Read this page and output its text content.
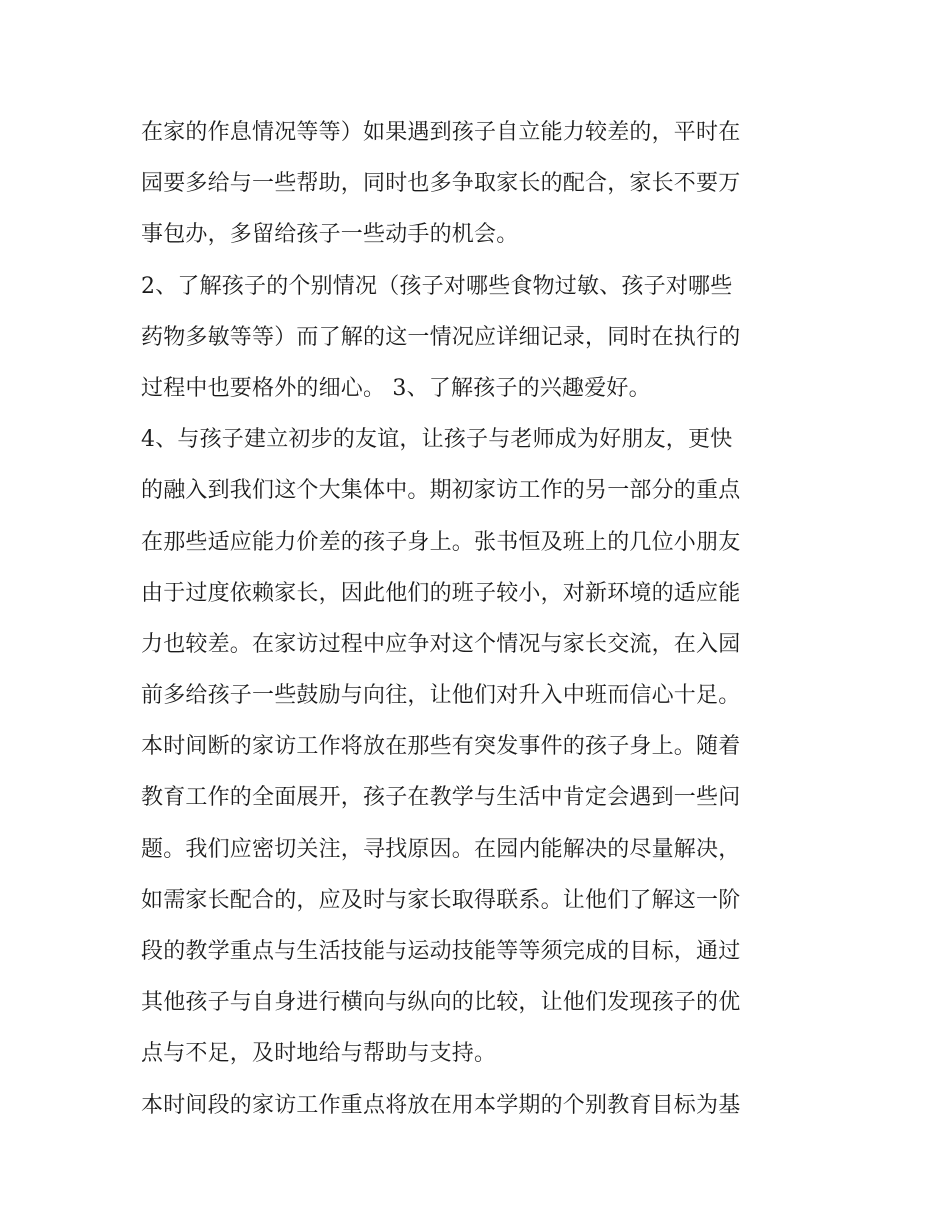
在家的作息情况等等）如果遇到孩子自立能力较差的，平时在
园要多给与一些帮助，同时也多争取家长的配合，家长不要万
事包办，多留给孩子一些动手的机会。
2、了解孩子的个别情况（孩子对哪些食物过敏、孩子对哪些
药物多敏等等）而了解的这一情况应详细记录，同时在执行的
过程中也要格外的细心。 3、了解孩子的兴趣爱好。
4、与孩子建立初步的友谊，让孩子与老师成为好朋友，更快
的融入到我们这个大集体中。期初家访工作的另一部分的重点
在那些适应能力价差的孩子身上。张书恒及班上的几位小朋友
由于过度依赖家长，因此他们的班子较小，对新环境的适应能
力也较差。在家访过程中应争对这个情况与家长交流，在入园
前多给孩子一些鼓励与向往，让他们对升入中班而信心十足。
本时间断的家访工作将放在那些有突发事件的孩子身上。随着
教育工作的全面展开，孩子在教学与生活中肯定会遇到一些问
题。我们应密切关注，寻找原因。在园内能解决的尽量解决，
如需家长配合的，应及时与家长取得联系。让他们了解这一阶
段的教学重点与生活技能与运动技能等等须完成的目标，通过
其他孩子与自身进行横向与纵向的比较，让他们发现孩子的优
点与不足，及时地给与帮助与支持。
本时间段的家访工作重点将放在用本学期的个别教育目标为基
